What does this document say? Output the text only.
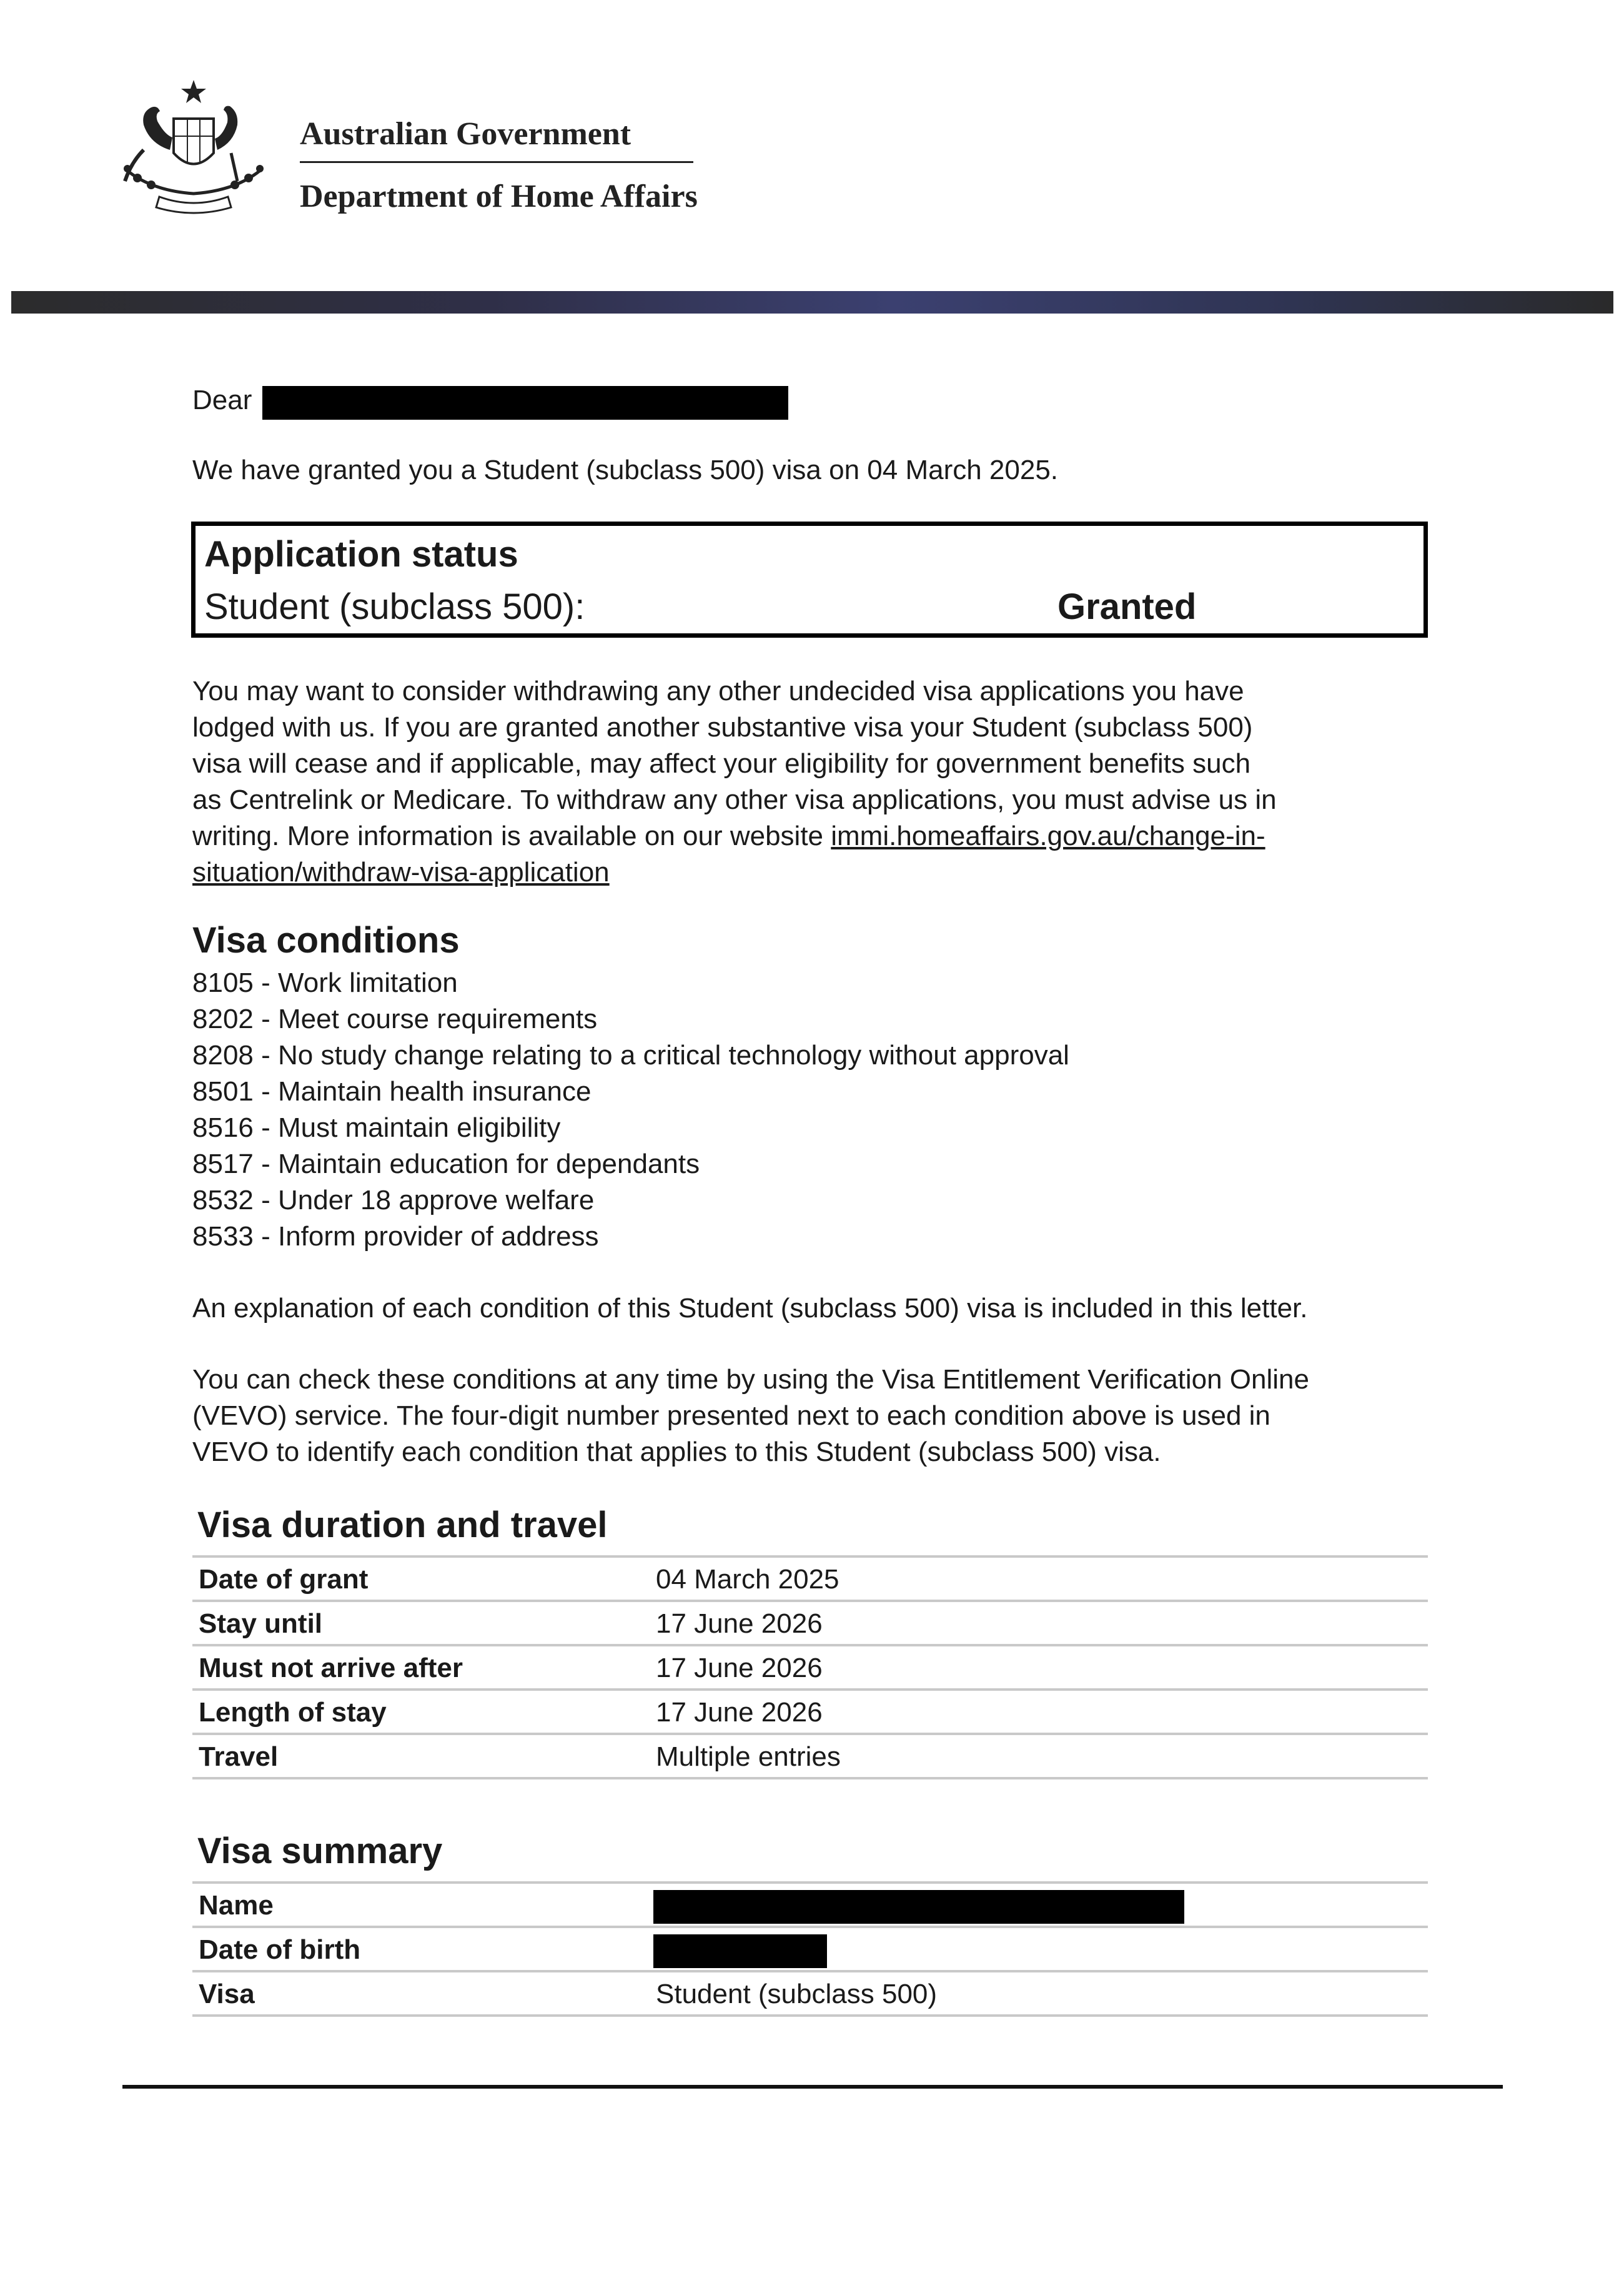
Australian Government
Department of Home Affairs
Dear
We have granted you a Student (subclass 500) visa on 04 March 2025.
Application status
Student (subclass 500):	Granted
You may want to consider withdrawing any other undecided visa applications you have
lodged with us. If you are granted another substantive visa your Student (subclass 500)
visa will cease and if applicable, may affect your eligibility for government benefits such
as Centrelink or Medicare. To withdraw any other visa applications, you must advise us in
writing. More information is available on our website immi.homeaffairs.gov.au/change-in-
situation/withdraw-visa-application
Visa conditions
8105 - Work limitation
8202 - Meet course requirements
8208 - No study change relating to a critical technology without approval
8501 - Maintain health insurance
8516 - Must maintain eligibility
8517 - Maintain education for dependants
8532 - Under 18 approve welfare
8533 - Inform provider of address
An explanation of each condition of this Student (subclass 500) visa is included in this letter.
You can check these conditions at any time by using the Visa Entitlement Verification Online
(VEVO) service. The four-digit number presented next to each condition above is used in
VEVO to identify each condition that applies to this Student (subclass 500) visa.
Visa duration and travel
Date of grant	04 March 2025
Stay until	17 June 2026
Must not arrive after	17 June 2026
Length of stay	17 June 2026
Travel	Multiple entries
Visa summary
Name
Date of birth
Visa	Student (subclass 500)
